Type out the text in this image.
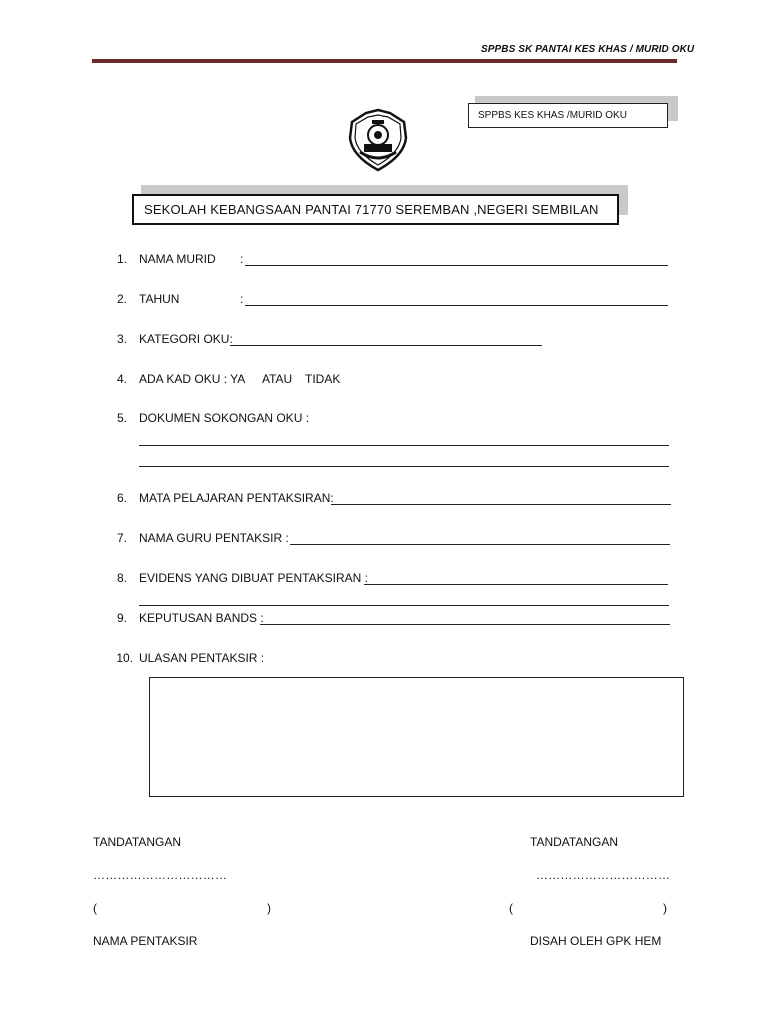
SPPBS SK PANTAI KES KHAS / MURID OKU
SPPBS KES KHAS /MURID OKU
SEKOLAH KEBANGSAAN PANTAI 71770 SEREMBAN ,NEGERI SEMBILAN
1. NAMA MURID :
2. TAHUN	:
3. KATEGORI OKU:
4. ADA KAD OKU : YA ATAU TIDAK
5. DOKUMEN SOKONGAN OKU :
6. MATA PELAJARAN PENTAKSIRAN:
7. NAMA GURU PENTAKSIR :
8. EVIDENS YANG DIBUAT PENTAKSIRAN :
9. KEPUTUSAN BANDS :
10. ULASAN PENTAKSIR :
TANDATANGAN
……………………………
(	)
NAMA PENTAKSIR
TANDATANGAN
……………………………
(	)
DISAH OLEH GPK HEM
